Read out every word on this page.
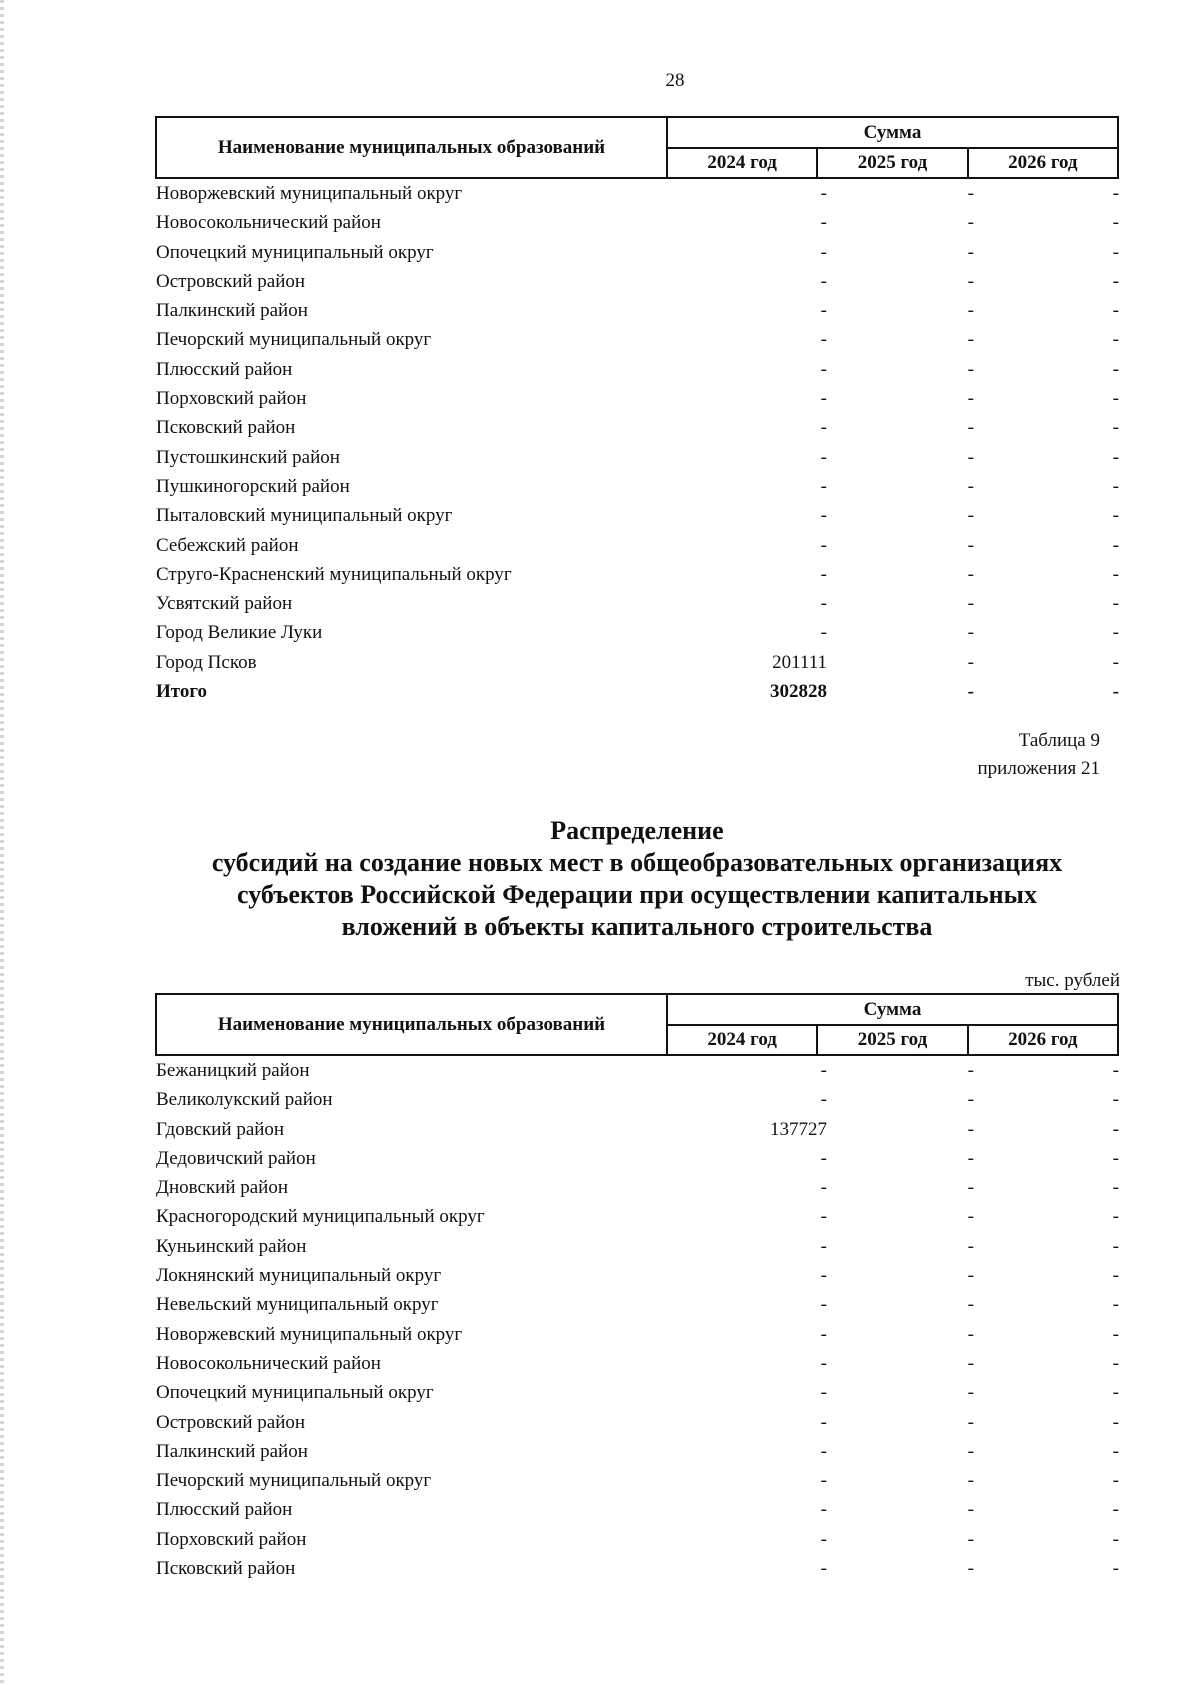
28
Наименование муниципальных образований
Сумма
2024 год	2025 год	2026 год
Новоржевский муниципальный округ	-	-	-
Новосокольнический район	-	-	-
Опочецкий муниципальный округ	-	-	-
Островский район	-	-	-
Палкинский район	-	-	-
Печорский муниципальный округ	-	-	-
Плюсский район	-	-	-
Порховский район	-	-	-
Псковский район	-	-	-
Пустошкинский район	-	-	-
Пушкиногорский район	-	-	-
Пыталовский муниципальный округ	-	-	-
Себежский район	-	-	-
Струго-Красненский муниципальный округ	-	-	-
Усвятский район	-	-	-
Город Великие Луки	-	-	-
Город Псков	201111	-	-
Итого	302828	-	-
Таблица 9
приложения 21
Распределение
субсидий на создание новых мест в общеобразовательных организациях
субъектов Российской Федерации при осуществлении капитальных
вложений в объекты капитального строительства
тыс. рублей
Наименование муниципальных образований
Сумма
2024 год	2025 год	2026 год
Бежаницкий район	-	-	-
Великолукский район	-	-	-
Гдовский район	137727	-	-
Дедовичский район	-	-	-
Дновский район	-	-	-
Красногородский муниципальный округ	-	-	-
Куньинский район	-	-	-
Локнянский муниципальный округ	-	-	-
Невельский муниципальный округ	-	-	-
Новоржевский муниципальный округ	-	-	-
Новосокольнический район	-	-	-
Опочецкий муниципальный округ	-	-	-
Островский район	-	-	-
Палкинский район	-	-	-
Печорский муниципальный округ	-	-	-
Плюсский район	-	-	-
Порховский район	-	-	-
Псковский район	-	-	-
